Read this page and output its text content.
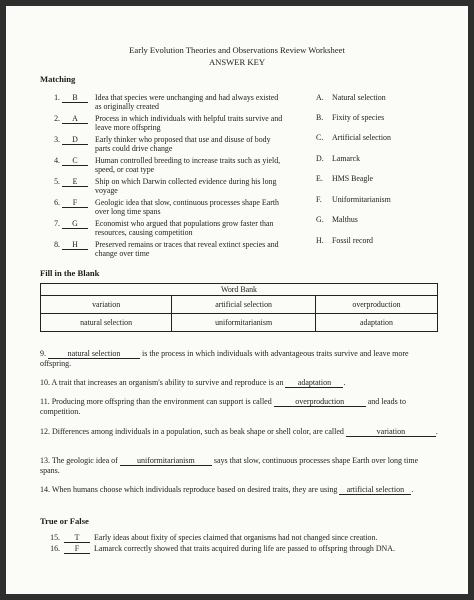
Early Evolution Theories and Observations Review Worksheet
ANSWER KEY
Matching
1.	B	Idea that species were unchanging and had always existed as originally created
2.	A	Process in which individuals with helpful traits survive and leave more offspring
3.	D	Early thinker who proposed that use and disuse of body parts could drive change
4.	C	Human controlled breeding to increase traits such as yield, speed, or coat type
5.	E	Ship on which Darwin collected evidence during his long voyage
6.	F	Geologic idea that slow, continuous processes shape Earth over long time spans
7.	G	Economist who argued that populations grow faster than resources, causing competition
8.	H	Preserved remains or traces that reveal extinct species and change over time
A. Natural selection
B. Fixity of species
C. Artificial selection
D. Lamarck
E. HMS Beagle
F. Uniformitarianism
G. Malthus
H. Fossil record
Fill in the Blank
Word Bank		
variation	artificial selection	overproduction
natural selection	uniformitarianism	adaptation
9.	natural selection	is the process in which individuals with advantageous traits survive and leave more offspring.
10. A trait that increases an organism's ability to survive and reproduce is an adaptation .
11. Producing more offspring than the environment can support is called	overproduction	and leads to competition.
12. Differences among individuals in a population, such as beak shape or shell color, are called	variation	.
13. The geologic idea of uniformitarianism says that slow, continuous processes shape Earth over long time spans.
14. When humans choose which individuals reproduce based on desired traits, they are using artificial selection .
True or False
15.	T	Early ideas about fixity of species claimed that organisms had not changed since creation.
16.	F	Lamarck correctly showed that traits acquired during life are passed to offspring through DNA.
